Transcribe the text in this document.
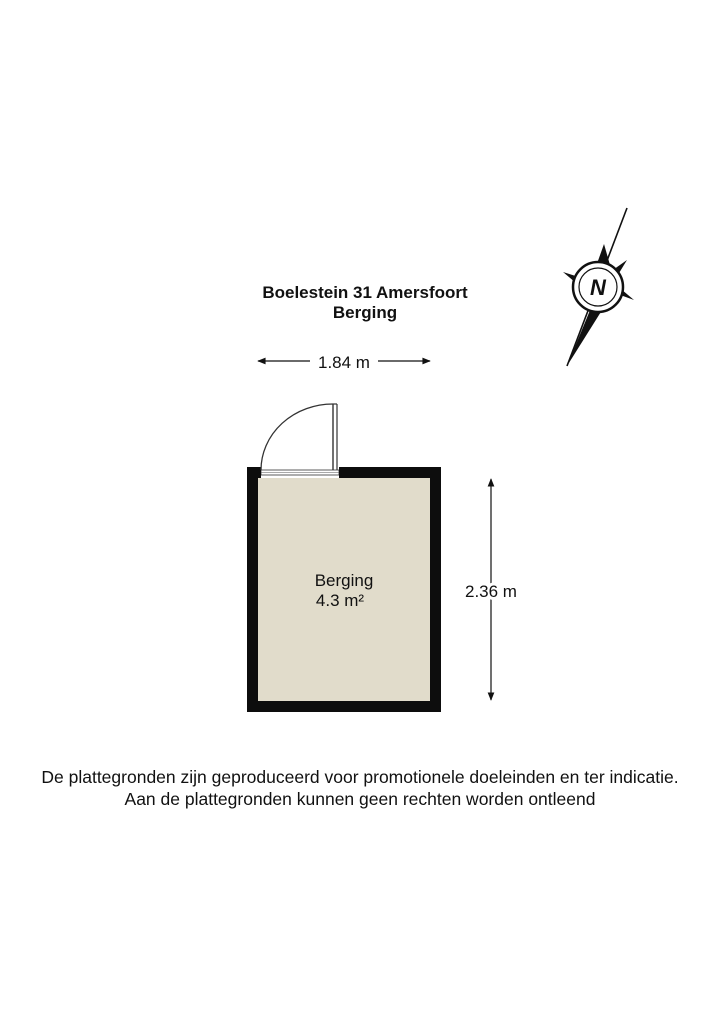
Boelestein 31 Amersfoort
Berging
N
1.84 m
2.36 m
Berging
4.3 m²
De plattegronden zijn geproduceerd voor promotionele doeleinden en ter indicatie.
Aan de plattegronden kunnen geen rechten worden ontleend
